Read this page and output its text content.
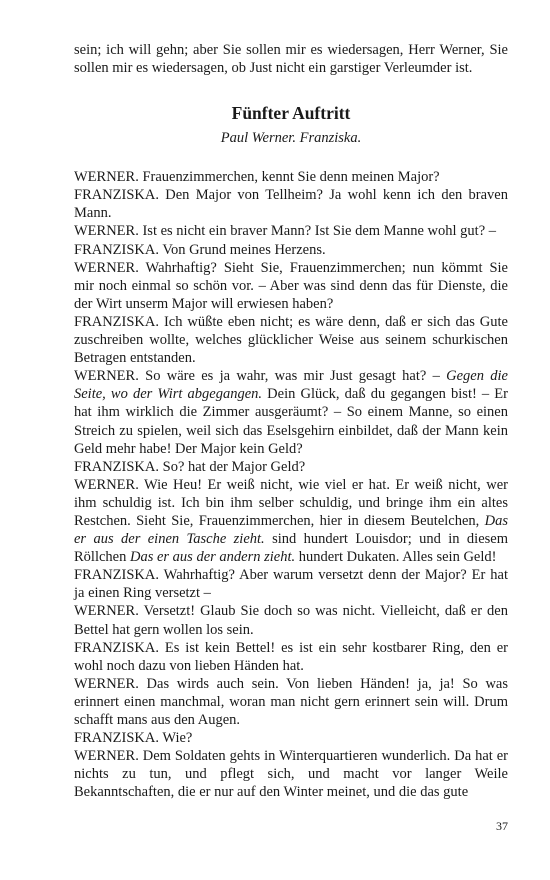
sein; ich will gehn; aber Sie sollen mir es wiedersagen, Herr Werner, Sie sollen mir es wiedersagen, ob Just nicht ein garstiger Verleumder ist.

Fünfter Auftritt
Paul Werner. Franziska.

WERNER. Frauenzimmerchen, kennt Sie denn meinen Major?

FRANZISKA. Den Major von Tellheim? Ja wohl kenn ich den braven Mann.

WERNER. Ist es nicht ein braver Mann? Ist Sie dem Manne wohl gut? –

FRANZISKA. Von Grund meines Herzens.

WERNER. Wahrhaftig? Sieht Sie, Frauenzimmerchen; nun kömmt Sie mir noch einmal so schön vor. – Aber was sind denn das für Dienste, die der Wirt unserm Major will erwiesen haben?

FRANZISKA. Ich wüßte eben nicht; es wäre denn, daß er sich das Gute zuschreiben wollte, welches glücklicher Weise aus seinem schurkischen Betragen entstanden.

WERNER. So wäre es ja wahr, was mir Just gesagt hat? – Gegen die Seite, wo der Wirt abgegangen. Dein Glück, daß du gegangen bist! – Er hat ihm wirklich die Zimmer ausgeräumt? – So einem Manne, so einen Streich zu spielen, weil sich das Eselsgehirn einbildet, daß der Mann kein Geld mehr habe! Der Major kein Geld?

FRANZISKA. So? hat der Major Geld?

WERNER. Wie Heu! Er weiß nicht, wie viel er hat. Er weiß nicht, wer ihm schuldig ist. Ich bin ihm selber schuldig, und bringe ihm ein altes Restchen. Sieht Sie, Frauenzimmerchen, hier in diesem Beutelchen, Das er aus der einen Tasche zieht. sind hundert Louisdor; und in diesem Röllchen Das er aus der andern zieht. hundert Dukaten. Alles sein Geld!

FRANZISKA. Wahrhaftig? Aber warum versetzt denn der Major? Er hat ja einen Ring versetzt –

WERNER. Versetzt! Glaub Sie doch so was nicht. Vielleicht, daß er den Bettel hat gern wollen los sein.

FRANZISKA. Es ist kein Bettel! es ist ein sehr kostbarer Ring, den er wohl noch dazu von lieben Händen hat.

WERNER. Das wirds auch sein. Von lieben Händen! ja, ja! So was erinnert einen manchmal, woran man nicht gern erinnert sein will. Drum schafft mans aus den Augen.

FRANZISKA. Wie?

WERNER. Dem Soldaten gehts in Winterquartieren wunderlich. Da hat er nichts zu tun, und pflegt sich, und macht vor langer Weile Bekanntschaften, die er nur auf den Winter meinet, und die das gute

37
